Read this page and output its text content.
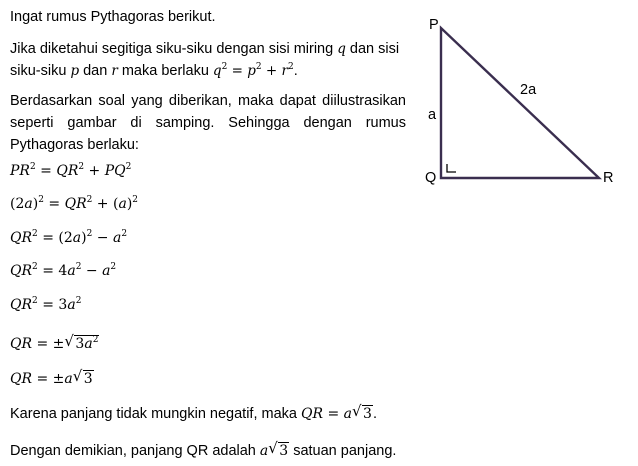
Ingat rumus Pythagoras berikut.
Jika diketahui segitiga siku-siku dengan sisi miring q dan sisi siku-siku p dan r maka berlaku $q^2 = p^2 + r^2$.
Berdasarkan soal yang diberikan, maka dapat diilustrasikan seperti gambar di samping. Sehingga dengan rumus Pythagoras berlaku:
$PR^2 = QR^2 + PQ^2$
$(2a)^2 = QR^2 + (a)^2$
$QR^2 = (2a)^2 - a^2$
$QR^2 = 4a^2 - a^2$
$QR^2 = 3a^2$
QR = ± √ $3a^2$
QR = ±a √ 3
Karena panjang tidak mungkin negatif, maka QR = a √ 3.
Dengan demikian, panjang QR adalah a √ 3 satuan panjang.
P
Q	R
a
2a
